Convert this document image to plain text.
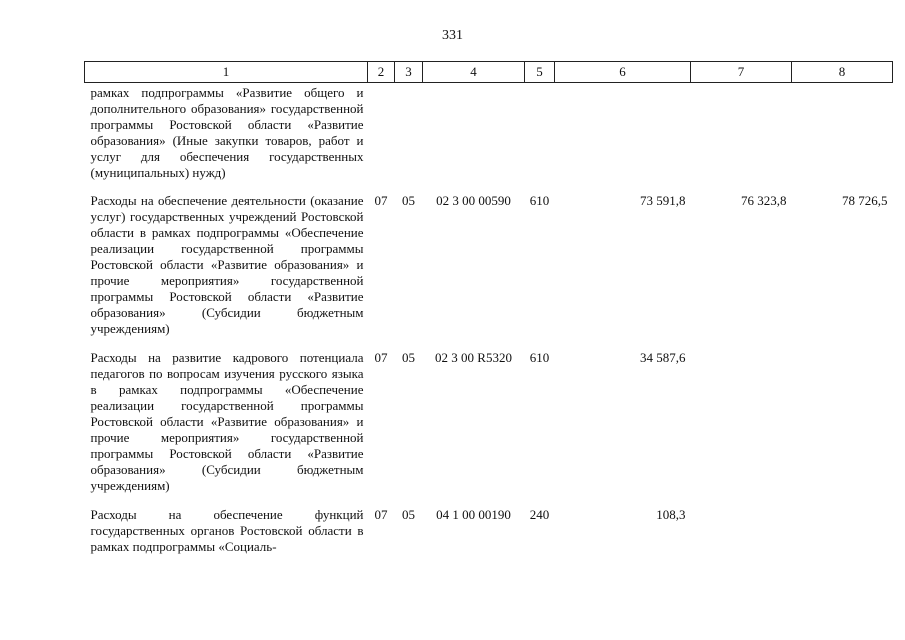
331
1	2	3	4	5	6	7	8
рамках подпрограммы «Развитие общего и дополнительного образования» государственной программы Ростовской области «Развитие образования» (Иные закупки товаров, работ и услуг для обеспечения государственных (муниципальных) нужд)							
Расходы на обеспечение деятельности (оказание услуг) государственных учреждений Ростовской области в рамках подпрограммы «Обеспечение реализации государственной программы Ростовской области «Развитие образования» и прочие мероприятия» государственной программы Ростовской области «Развитие образования» (Субсидии бюджетным учреждениям)	07	05	02 3 00 00590	610	73 591,8	76 323,8	78 726,5
Расходы на развитие кадрового потенциала педагогов по вопросам изучения русского языка в рамках подпрограммы «Обеспечение реализации государственной программы Ростовской области «Развитие образования» и прочие мероприятия» государственной программы Ростовской области «Развитие образования» (Субсидии бюджетным учреждениям)	07	05	02 3 00 R5320	610	34 587,6		
Расходы на обеспечение функций государственных органов Ростовской области в рамках подпрограммы «Социаль-	07	05	04 1 00 00190	240	108,3		
